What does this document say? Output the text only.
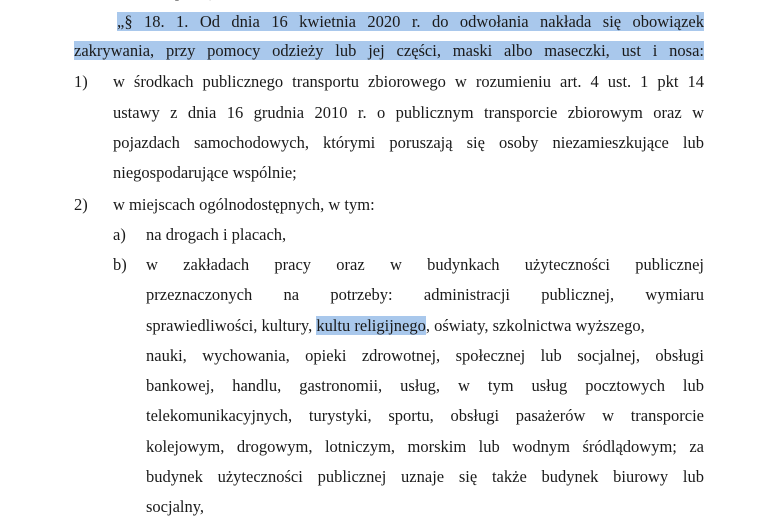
„§ 18. 1. Od dnia 16 kwietnia 2020 r. do odwołania nakłada się obowiązek
zakrywania, przy pomocy odzieży lub jej części, maski albo maseczki, ust i nosa:
1) w środkach publicznego transportu zbiorowego w rozumieniu art. 4 ust. 1 pkt 14
ustawy z dnia 16 grudnia 2010 r. o publicznym transporcie zbiorowym oraz w
pojazdach samochodowych, którymi poruszają się osoby niezamieszkujące lub
niegospodarujące wspólnie;
2) w miejscach ogólnodostępnych, w tym:
a) na drogach i placach,
b) w zakładach pracy oraz w budynkach użyteczności publicznej
przeznaczonych na potrzeby: administracji publicznej, wymiaru
sprawiedliwości, kultury, kultu religijnego, oświaty, szkolnictwa wyższego,
nauki, wychowania, opieki zdrowotnej, społecznej lub socjalnej, obsługi
bankowej, handlu, gastronomii, usług, w tym usług pocztowych lub
telekomunikacyjnych, turystyki, sportu, obsługi pasażerów w transporcie
kolejowym, drogowym, lotniczym, morskim lub wodnym śródlądowym; za
budynek użyteczności publicznej uznaje się także budynek biurowy lub
socjalny,
